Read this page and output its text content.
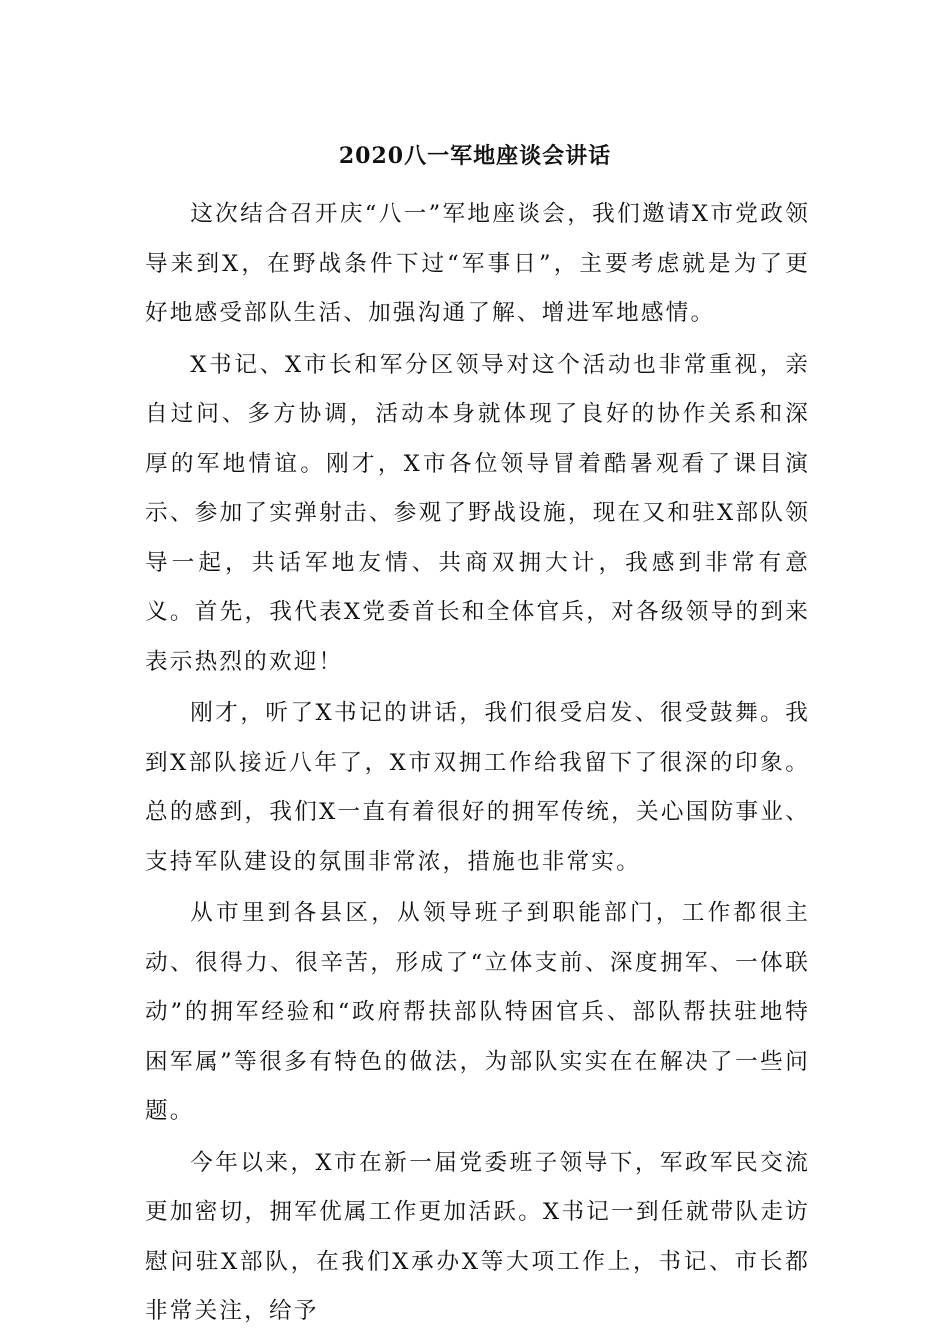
2020八一军地座谈会讲话

这次结合召开庆“八一”军地座谈会，我们邀请X市党政领导来到X，在野战条件下过“军事日”，主要考虑就是为了更好地感受部队生活、加强沟通了解、增进军地感情。

X书记、X市长和军分区领导对这个活动也非常重视，亲自过问、多方协调，活动本身就体现了良好的协作关系和深厚的军地情谊。刚才，X市各位领导冒着酷暑观看了课目演示、参加了实弹射击、参观了野战设施，现在又和驻X部队领导一起，共话军地友情、共商双拥大计，我感到非常有意义。首先，我代表X党委首长和全体官兵，对各级领导的到来表示热烈的欢迎！

刚才，听了X书记的讲话，我们很受启发、很受鼓舞。我到X部队接近八年了，X市双拥工作给我留下了很深的印象。总的感到，我们X一直有着很好的拥军传统，关心国防事业、支持军队建设的氛围非常浓，措施也非常实。

从市里到各县区，从领导班子到职能部门，工作都很主动、很得力、很辛苦，形成了“立体支前、深度拥军、一体联动”的拥军经验和“政府帮扶部队特困官兵、部队帮扶驻地特困军属”等很多有特色的做法，为部队实实在在解决了一些问题。

今年以来，X市在新一届党委班子领导下，军政军民交流更加密切，拥军优属工作更加活跃。X书记一到任就带队走访慰问驻X部队，在我们X承办X等大项工作上，书记、市长都非常关注，给予
